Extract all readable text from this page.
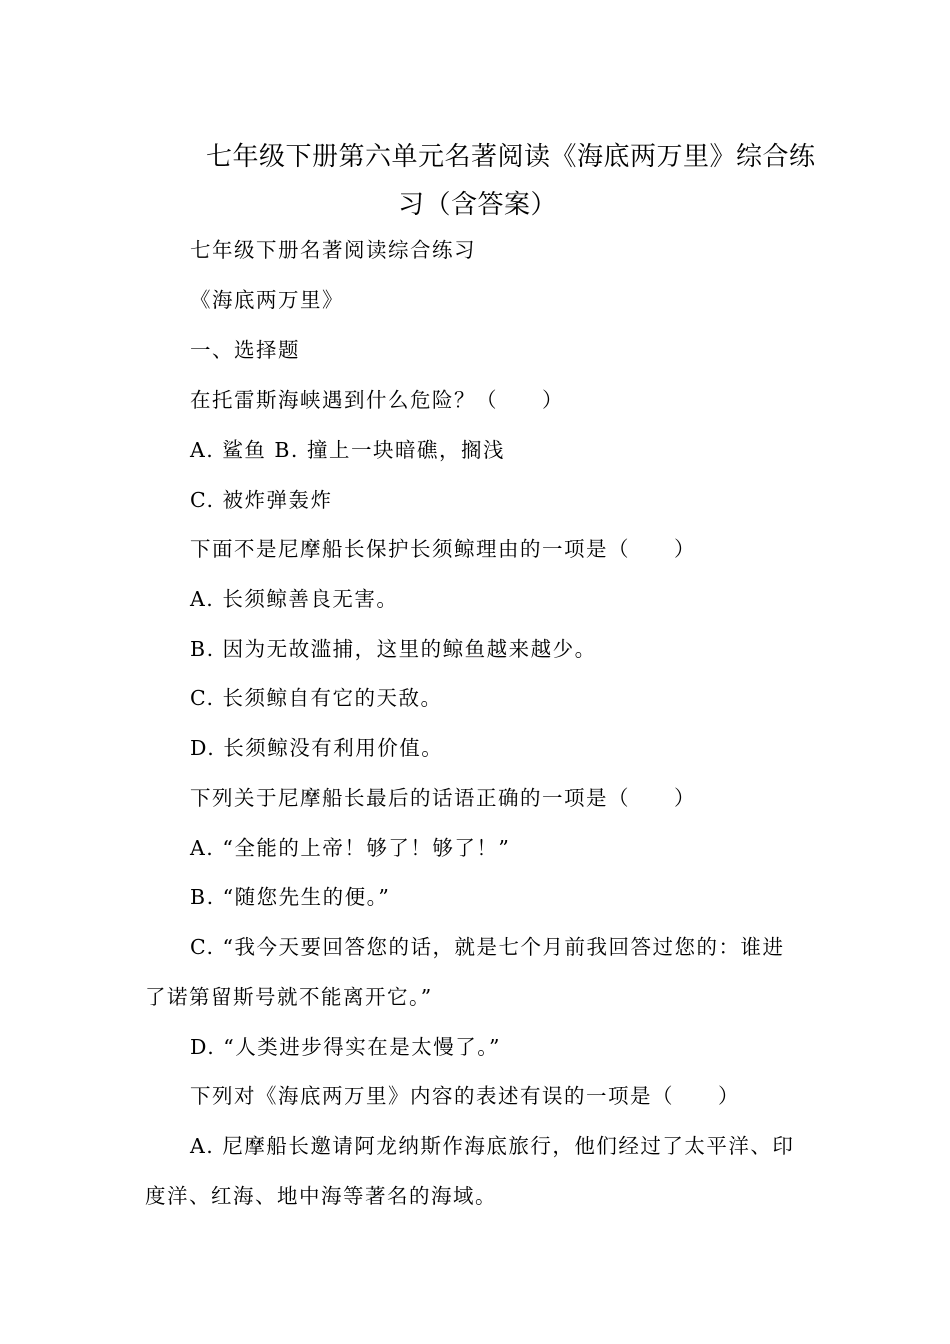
七年级下册第六单元名著阅读《海底两万里》综合练
习（含答案）
七年级下册名著阅读综合练习
《海底两万里》
一、选择题
在托雷斯海峡遇到什么危险？（　　）
A. 鲨鱼 B. 撞上一块暗礁，搁浅
C. 被炸弹轰炸
下面不是尼摩船长保护长须鲸理由的一项是（　　）
A. 长须鲸善良无害。
B. 因为无故滥捕，这里的鲸鱼越来越少。
C. 长须鲸自有它的天敌。
D. 长须鲸没有利用价值。
下列关于尼摩船长最后的话语正确的一项是（　　）
A. “全能的上帝！够了！够了！”
B. “随您先生的便。”
C. “我今天要回答您的话，就是七个月前我回答过您的：谁进
了诺第留斯号就不能离开它。”
D. “人类进步得实在是太慢了。”
下列对《海底两万里》内容的表述有误的一项是（　　）
A. 尼摩船长邀请阿龙纳斯作海底旅行，他们经过了太平洋、印
度洋、红海、地中海等著名的海域。
